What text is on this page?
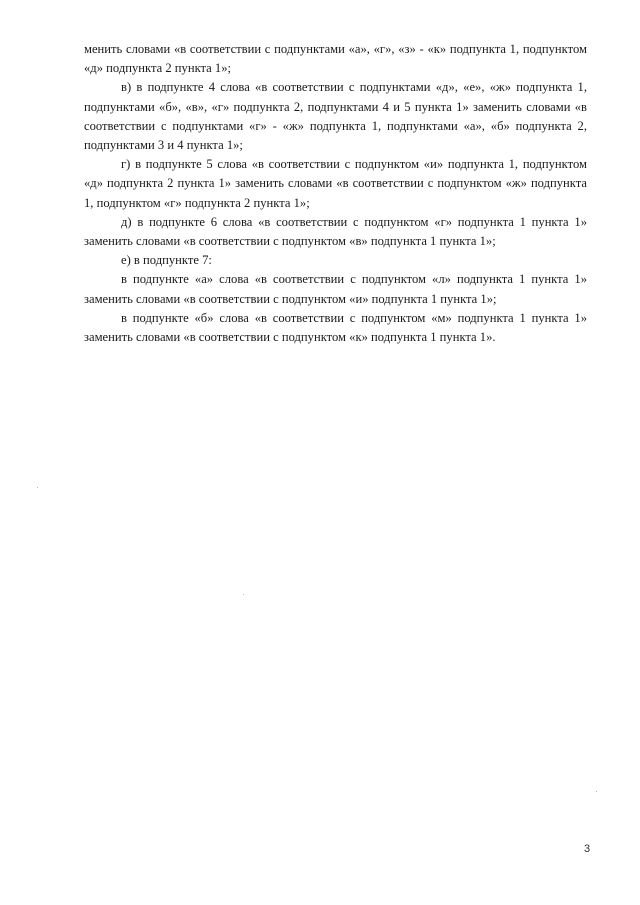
менить словами «в соответствии с подпунктами «а», «г», «з» - «к» подпункта 1, подпунктом «д» подпункта 2 пункта 1»;

в) в подпункте 4 слова «в соответствии с подпунктами «д», «е», «ж» подпункта 1, подпунктами «б», «в», «г» подпункта 2, подпунктами 4 и 5 пункта 1» заменить словами «в соответствии с подпунктами «г» - «ж» подпункта 1, подпунктами «а», «б» подпункта 2, подпунктами 3 и 4 пункта 1»;

г) в подпункте 5 слова «в соответствии с подпунктом «и» подпункта 1, подпунктом «д» подпункта 2 пункта 1» заменить словами «в соответствии с подпунктом «ж» подпункта 1, подпунктом «г» подпункта 2 пункта 1»;

д) в подпункте 6 слова «в соответствии с подпунктом «г» подпункта 1 пункта 1» заменить словами «в соответствии с подпунктом «в» подпункта 1 пункта 1»;

е) в подпункте 7:

в подпункте «а» слова «в соответствии с подпунктом «л» подпункта 1 пункта 1» заменить словами «в соответствии с подпунктом «и» подпункта 1 пункта 1»;

в подпункте «б» слова «в соответствии с подпунктом «м» подпункта 1 пункта 1» заменить словами «в соответствии с подпунктом «к» подпункта 1 пункта 1».

3
